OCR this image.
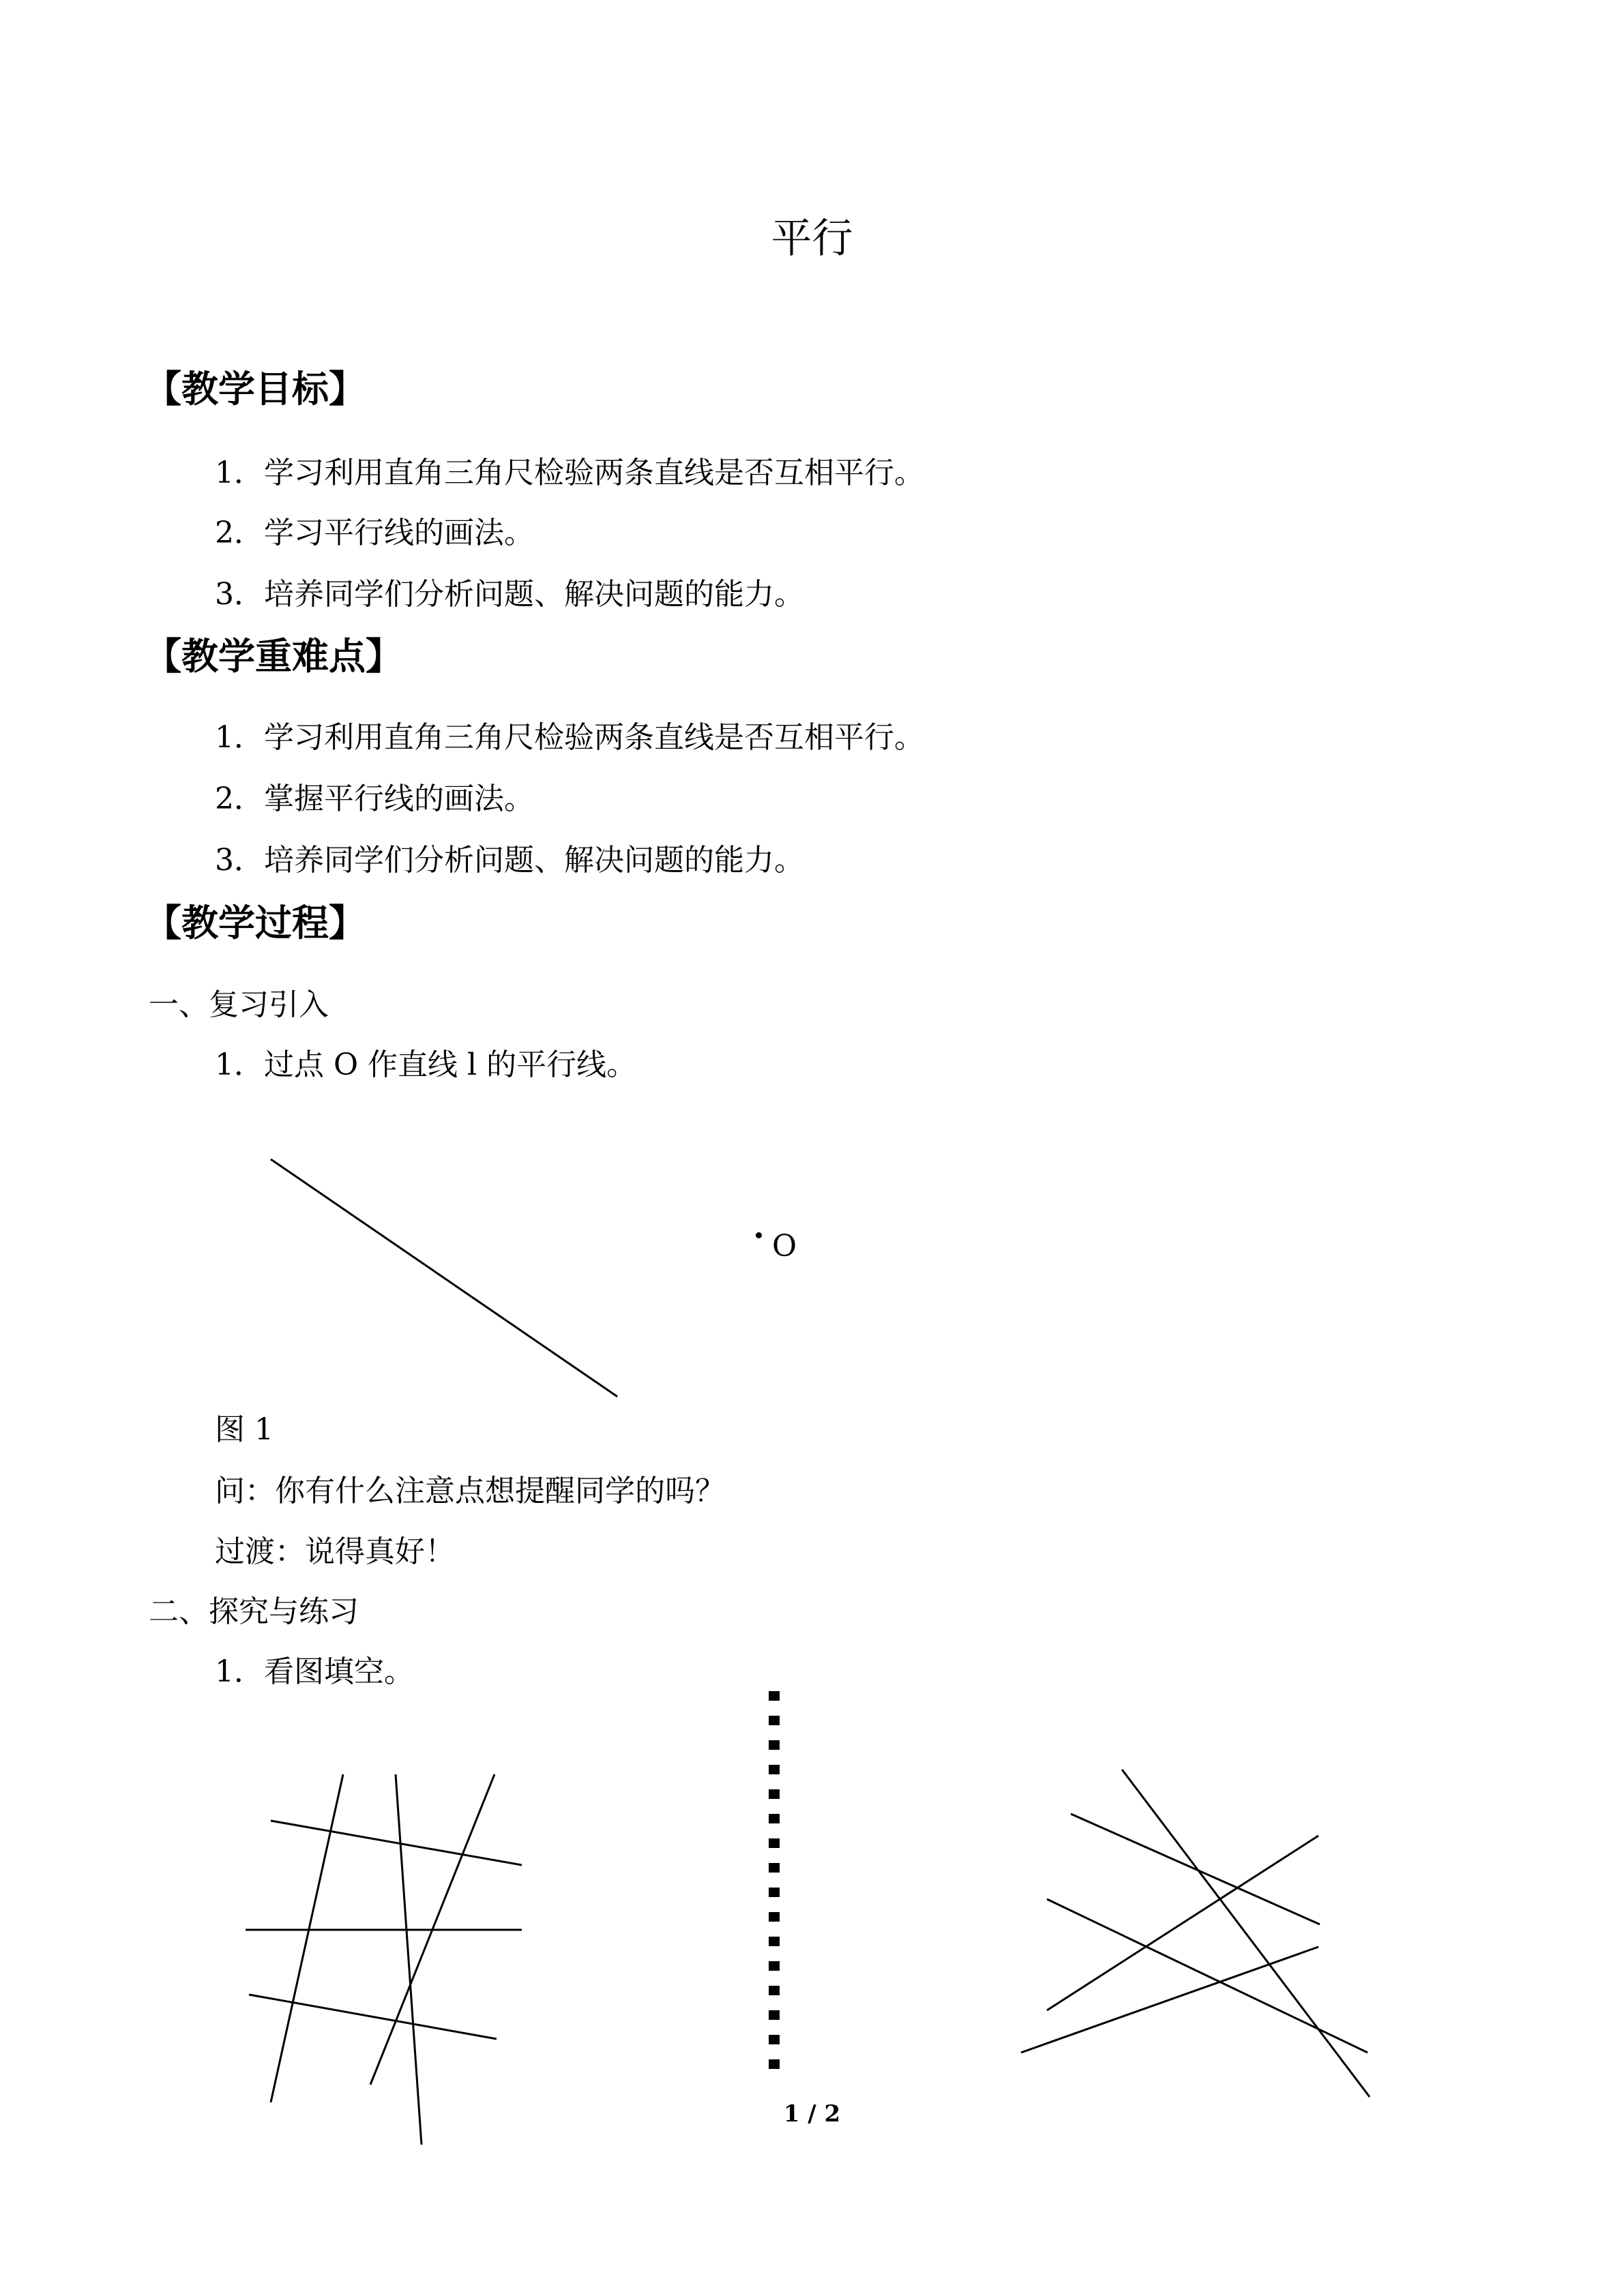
平行
【教学目标】
1．学习利用直角三角尺检验两条直线是否互相平行。
2．学习平行线的画法。
3．培养同学们分析问题、解决问题的能力。
【教学重难点】
1．学习利用直角三角尺检验两条直线是否互相平行。
2．掌握平行线的画法。
3．培养同学们分析问题、解决问题的能力。
【教学过程】
一、复习引入
1．过点 O 作直线 l 的平行线。
O
图 1
问：你有什么注意点想提醒同学的吗？
过渡：说得真好！
二、探究与练习
1．看图填空。
1 / 2
